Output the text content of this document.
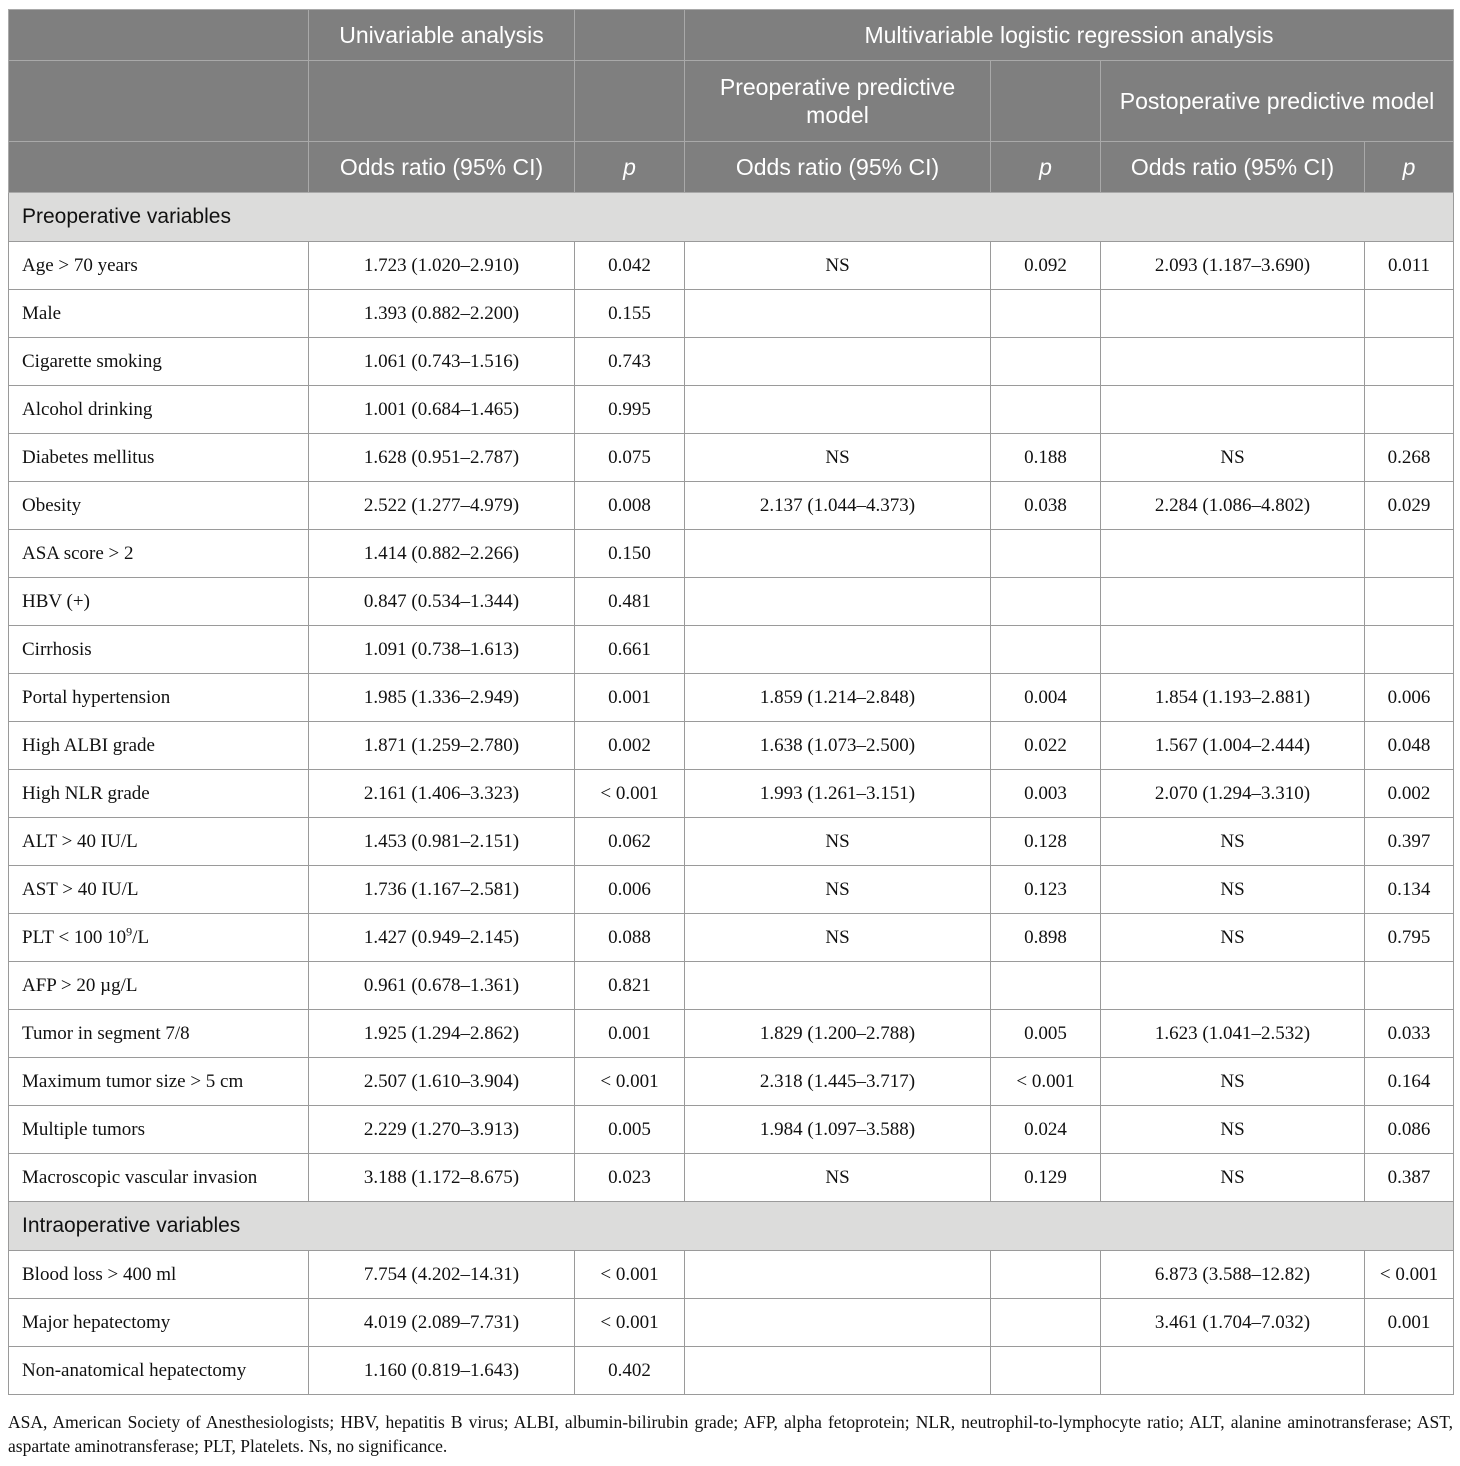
	Univariable analysis		Multivariable logistic regression analysis			
			Preoperative predictive model		Postoperative predictive model	
	Odds ratio (95% CI)	p	Odds ratio (95% CI)	p	Odds ratio (95% CI)	p
Preoperative variables						
Age > 70 years	1.723 (1.020–2.910)	0.042	NS	0.092	2.093 (1.187–3.690)	0.011
Male	1.393 (0.882–2.200)	0.155				
Cigarette smoking	1.061 (0.743–1.516)	0.743				
Alcohol drinking	1.001 (0.684–1.465)	0.995				
Diabetes mellitus	1.628 (0.951–2.787)	0.075	NS	0.188	NS	0.268
Obesity	2.522 (1.277–4.979)	0.008	2.137 (1.044–4.373)	0.038	2.284 (1.086–4.802)	0.029
ASA score > 2	1.414 (0.882–2.266)	0.150				
HBV (+)	0.847 (0.534–1.344)	0.481				
Cirrhosis	1.091 (0.738–1.613)	0.661				
Portal hypertension	1.985 (1.336–2.949)	0.001	1.859 (1.214–2.848)	0.004	1.854 (1.193–2.881)	0.006
High ALBI grade	1.871 (1.259–2.780)	0.002	1.638 (1.073–2.500)	0.022	1.567 (1.004–2.444)	0.048
High NLR grade	2.161 (1.406–3.323)	< 0.001	1.993 (1.261–3.151)	0.003	2.070 (1.294–3.310)	0.002
ALT > 40 IU/L	1.453 (0.981–2.151)	0.062	NS	0.128	NS	0.397
AST > 40 IU/L	1.736 (1.167–2.581)	0.006	NS	0.123	NS	0.134
PLT < 100 $10^9/L$	1.427 (0.949–2.145)	0.088	NS	0.898	NS	0.795
AFP > 20 µg/L	0.961 (0.678–1.361)	0.821				
Tumor in segment 7/8	1.925 (1.294–2.862)	0.001	1.829 (1.200–2.788)	0.005	1.623 (1.041–2.532)	0.033
Maximum tumor size > 5 cm	2.507 (1.610–3.904)	< 0.001	2.318 (1.445–3.717)	< 0.001	NS	0.164
Multiple tumors	2.229 (1.270–3.913)	0.005	1.984 (1.097–3.588)	0.024	NS	0.086
Macroscopic vascular invasion	3.188 (1.172–8.675)	0.023	NS	0.129	NS	0.387
Intraoperative variables						
Blood loss > 400 ml	7.754 (4.202–14.31)	< 0.001			6.873 (3.588–12.82)	< 0.001
Major hepatectomy	4.019 (2.089–7.731)	< 0.001			3.461 (1.704–7.032)	0.001
Non-anatomical hepatectomy	1.160 (0.819–1.643)	0.402				

ASA, American Society of Anesthesiologists; HBV, hepatitis B virus; ALBI, albumin-bilirubin grade; AFP, alpha fetoprotein; NLR, neutrophil-to-lymphocyte ratio; ALT, alanine aminotransferase; AST, aspartate aminotransferase; PLT, Platelets. Ns, no significance.
